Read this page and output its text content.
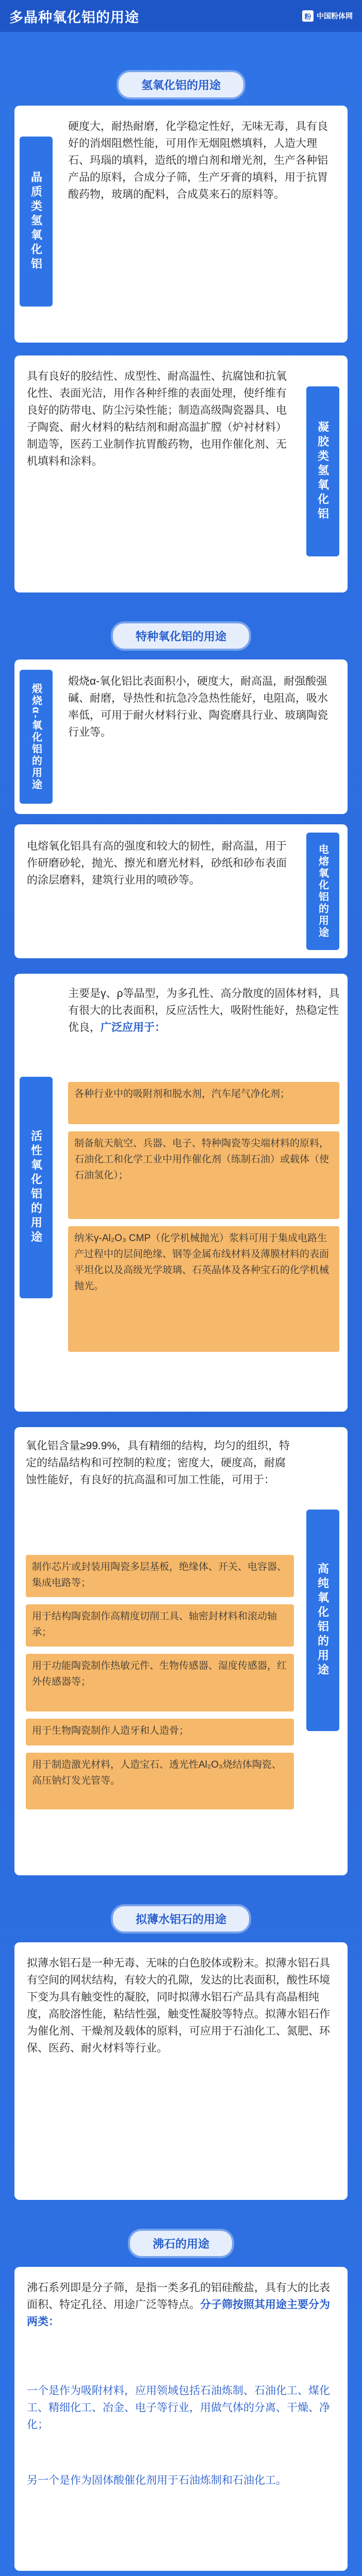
多晶种氧化铝的用途	粉 中国粉体网
氢氧化铝的用途
晶质类氢氧化铝
硬度大，耐热耐磨，化学稳定性好，无味无毒，具有良好的消烟阻燃性能，可用作无烟阻燃填料，人造大理石、玛瑙的填料，造纸的增白剂和增光剂，生产各种铝产品的原料，合成分子筛，生产牙膏的填料，用于抗胃酸药物，玻璃的配料，合成莫来石的原料等。
具有良好的胶结性、成型性、耐高温性、抗腐蚀和抗氧化性、表面光洁，用作各种纤维的表面处理，使纤维有良好的防带电、防尘污染性能；制造高级陶瓷器具、电子陶瓷、耐火材料的粘结剂和耐高温扩膛（炉衬材料）制造等，医药工业制作抗胃酸药物，也用作催化剂、无机填料和涂料。	凝胶类氢氧化铝
特种氧化铝的用途
煅烧α-氧化铝的用途
煅烧α-氧化铝比表面积小，硬度大，耐高温，耐强酸强碱、耐磨，导热性和抗急冷急热性能好，电阻高，吸水率低，可用于耐火材料行业、陶瓷磨具行业、玻璃陶瓷行业等。
电熔氧化铝具有高的强度和较大的韧性，耐高温，用于作研磨砂轮，抛光、擦光和磨光材料，砂纸和砂布表面的涂层磨料，建筑行业用的喷砂等。	电熔氧化铝的用途
活性氧化铝的用途
主要是γ、ρ等晶型，为多孔性、高分散度的固体材料，具有很大的比表面积，反应活性大，吸附性能好，热稳定性优良，广泛应用于：
各种行业中的吸附剂和脱水剂，汽车尾气净化剂；
制备航天航空、兵器、电子、特种陶瓷等尖端材料的原料，石油化工和化学工业中用作催化剂（练制石油）或载体（使石油氢化）；
纳米γ-Al₂O₃ CMP（化学机械抛光）浆料可用于集成电路生产过程中的层间绝缘、钢等金属布线材料及薄膜材料的表面平坦化以及高级光学玻璃、石英晶体及各种宝石的化学机械抛光。
氧化铝含量≥99.9%，具有精细的结构，均匀的组织，特定的结晶结构和可控制的粒度；密度大，硬度高，耐腐蚀性能好，有良好的抗高温和可加工性能，可用于：
制作芯片或封装用陶瓷多层基板，绝缘体、开关、电容器、集成电路等；
用于结构陶瓷制作高精度切削工具、轴密封材料和滚动轴承；
用于功能陶瓷制作热敏元件、生物传感器、湿度传感器，红外传感器等；
用于生物陶瓷制作人造牙和人造骨；
用于制造激光材料，人造宝石、透光性Al₂O₃烧结体陶瓷、高压钠灯发光管等。
高纯氧化铝的用途
拟薄水铝石的用途
拟薄水铝石是一种无毒、无味的白色胶体或粉末。拟薄水铝石具有空间的网状结构，有较大的孔隙，发达的比表面积，酸性环境下变为具有触变性的凝胶，同时拟薄水铝石产品具有高晶相纯度，高胶溶性能，粘结性强，触变性凝胶等特点。拟薄水铝石作为催化剂、干燥剂及载体的原料，可应用于石油化工、氮肥、环保、医药、耐火材料等行业。
沸石的用途
沸石系列即是分子筛，是指一类多孔的铝硅酸盐，具有大的比表面积、特定孔径、用途广泛等特点。分子筛按照其用途主要分为两类：
一个是作为吸附材料，应用领域包括石油炼制、石油化工、煤化工、精细化工、冶金、电子等行业，用做气体的分离、干燥、净化；
另一个是作为固体酸催化剂用于石油炼制和石油化工。
